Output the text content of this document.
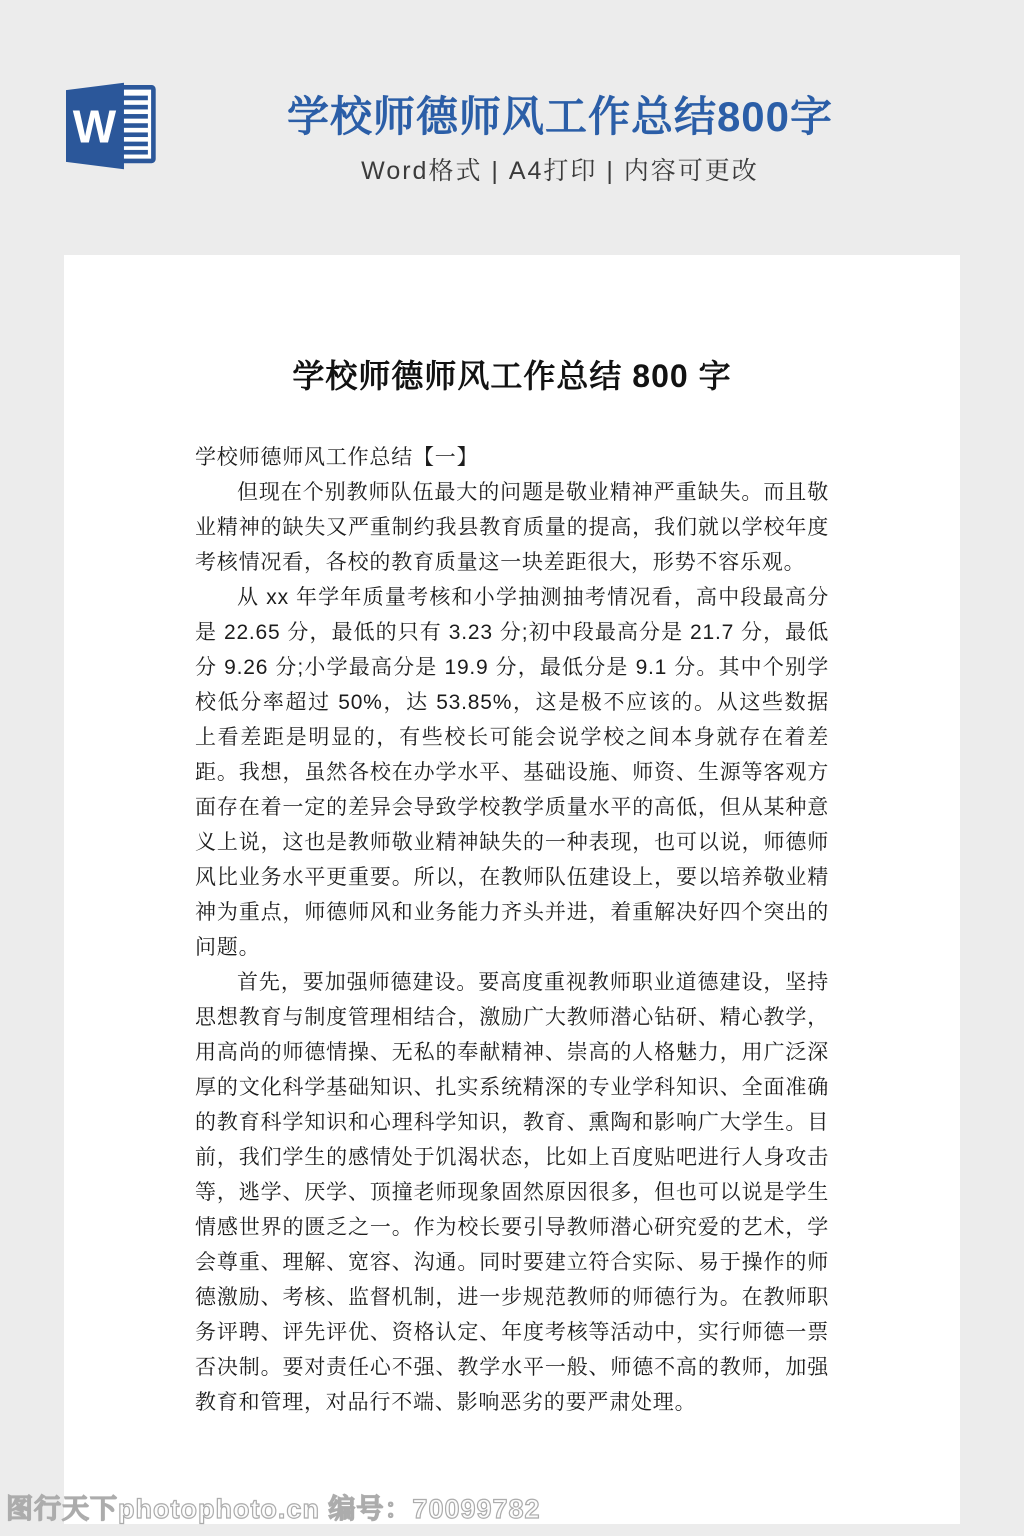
W	学校师德师风工作总结800字
Word格式 | A4打印 | 内容可更改
学校师德师风工作总结 800 字

学校师德师风工作总结【一】

但现在个别教师队伍最大的问题是敬业精神严重缺失。而且敬业精神的缺失又严重制约我县教育质量的提高，我们就以学校年度考核情况看，各校的教育质量这一块差距很大，形势不容乐观。

从 xx 年学年质量考核和小学抽测抽考情况看，高中段最高分是 22.65 分，最低的只有 3.23 分;初中段最高分是 21.7 分，最低分 9.26 分;小学最高分是 19.9 分，最低分是 9.1 分。其中个别学校低分率超过 50%，达 53.85%，这是极不应该的。从这些数据上看差距是明显的，有些校长可能会说学校之间本身就存在着差距。我想，虽然各校在办学水平、基础设施、师资、生源等客观方面存在着一定的差异会导致学校教学质量水平的高低，但从某种意义上说，这也是教师敬业精神缺失的一种表现，也可以说，师德师风比业务水平更重要。所以，在教师队伍建设上，要以培养敬业精神为重点，师德师风和业务能力齐头并进，着重解决好四个突出的问题。

首先，要加强师德建设。要高度重视教师职业道德建设，坚持思想教育与制度管理相结合，激励广大教师潜心钻研、精心教学，用高尚的师德情操、无私的奉献精神、崇高的人格魅力，用广泛深厚的文化科学基础知识、扎实系统精深的专业学科知识、全面准确的教育科学知识和心理科学知识，教育、熏陶和影响广大学生。目前，我们学生的感情处于饥渴状态，比如上百度贴吧进行人身攻击等，逃学、厌学、顶撞老师现象固然原因很多，但也可以说是学生情感世界的匮乏之一。作为校长要引导教师潜心研究爱的艺术，学会尊重、理解、宽容、沟通。同时要建立符合实际、易于操作的师德激励、考核、监督机制，进一步规范教师的师德行为。在教师职务评聘、评先评优、资格认定、年度考核等活动中，实行师德一票否决制。要对责任心不强、教学水平一般、师德不高的教师，加强教育和管理，对品行不端、影响恶劣的要严肃处理。

图行天下photophoto.cn 编号：70099782
